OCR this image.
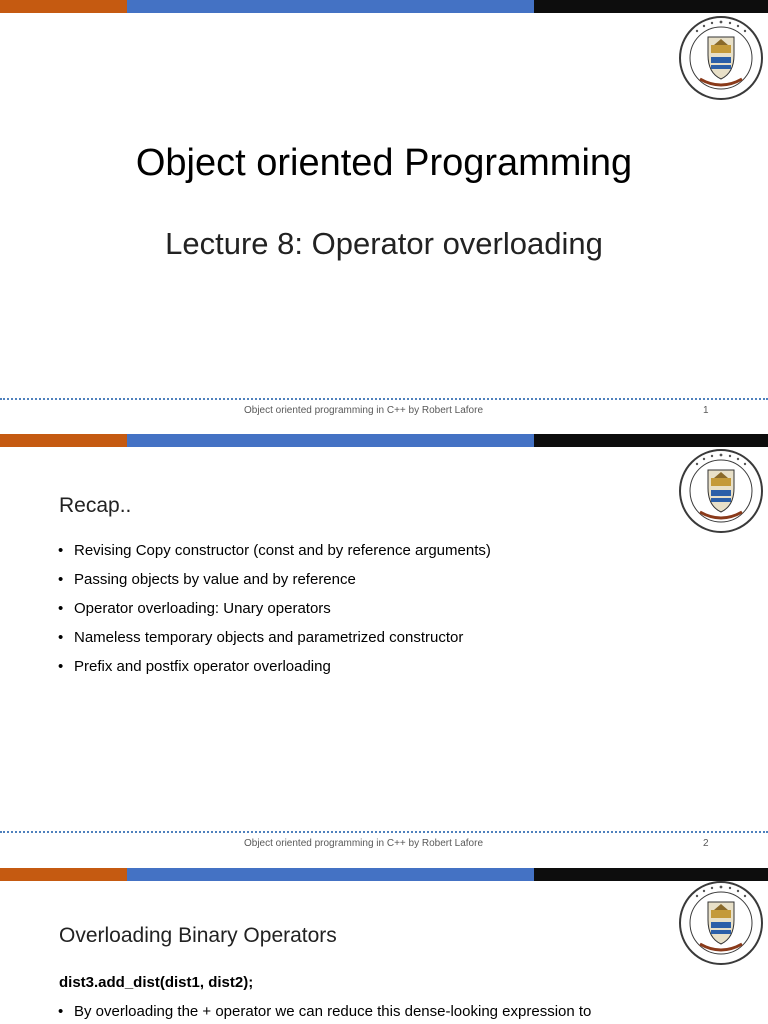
Object oriented Programming
Lecture 8: Operator overloading
Object oriented programming in C++ by Robert Lafore	1
Recap..
• Revising Copy constructor (const and by reference arguments)
• Passing objects by value and by reference
• Operator overloading: Unary operators
• Nameless temporary objects and parametrized constructor
• Prefix and postfix operator overloading
Object oriented programming in C++ by Robert Lafore	2
Overloading Binary Operators
dist3.add_dist(dist1, dist2);
• By overloading the + operator we can reduce this dense-looking expression to
